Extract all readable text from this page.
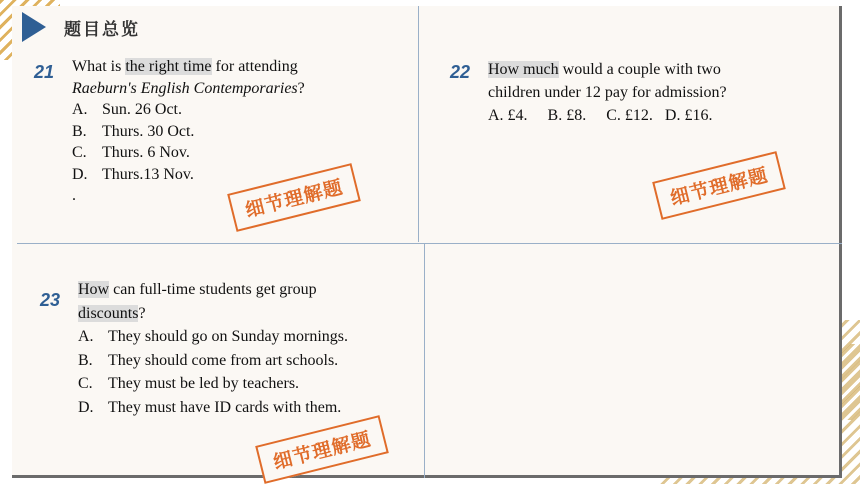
题目总览
21 What is the right time for attending
Raeburn's English Contemporaries?
A. Sun. 26 Oct.
B. Thurs. 30 Oct.
C. Thurs. 6 Nov.
D. Thurs.13 Nov.
.	细节理解题
22 How much would a couple with two
children under 12 pay for admission?
A. £4.     B. £8.     C. £12.   D. £16.
细节理解题
23
How can full-time students get group
discounts?
A. They should go on Sunday mornings.
B. They should come from art schools.
C. They must be led by teachers.
D. They must have ID cards with them.
细节理解题
